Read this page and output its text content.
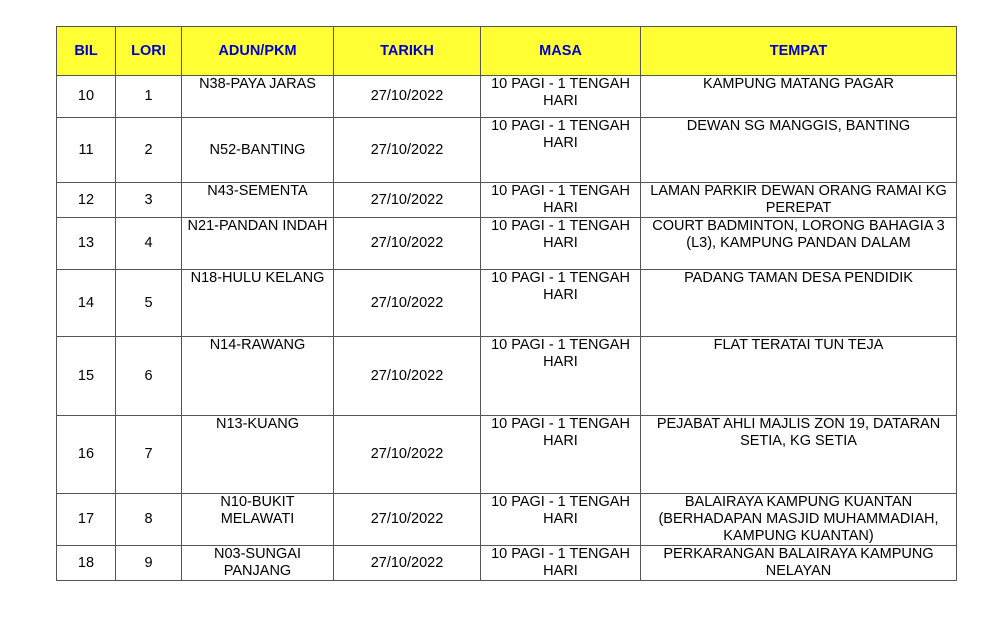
BIL	LORI	ADUN/PKM	TARIKH	MASA	TEMPAT
10	1	N38-PAYA JARAS	27/10/2022	10 PAGI - 1 TENGAH HARI	KAMPUNG MATANG PAGAR
11	2	N52-BANTING	27/10/2022	10 PAGI - 1 TENGAH HARI	DEWAN SG MANGGIS, BANTING
12	3	N43-SEMENTA	27/10/2022	10 PAGI - 1 TENGAH HARI	LAMAN PARKIR DEWAN ORANG RAMAI KG PEREPAT
13	4	N21-PANDAN INDAH	27/10/2022	10 PAGI - 1 TENGAH HARI	COURT BADMINTON, LORONG BAHAGIA 3 (L3), KAMPUNG PANDAN DALAM
14	5	N18-HULU KELANG	27/10/2022	10 PAGI - 1 TENGAH HARI	PADANG TAMAN DESA PENDIDIK
15	6	N14-RAWANG	27/10/2022	10 PAGI - 1 TENGAH HARI	FLAT TERATAI TUN TEJA
16	7	N13-KUANG	27/10/2022	10 PAGI - 1 TENGAH HARI	PEJABAT AHLI MAJLIS ZON 19, DATARAN SETIA, KG SETIA
17	8	N10-BUKIT MELAWATI	27/10/2022	10 PAGI - 1 TENGAH HARI	BALAIRAYA KAMPUNG KUANTAN (BERHADAPAN MASJID MUHAMMADIAH, KAMPUNG KUANTAN)
18	9	N03-SUNGAI PANJANG	27/10/2022	10 PAGI - 1 TENGAH HARI	PERKARANGAN BALAIRAYA KAMPUNG NELAYAN
